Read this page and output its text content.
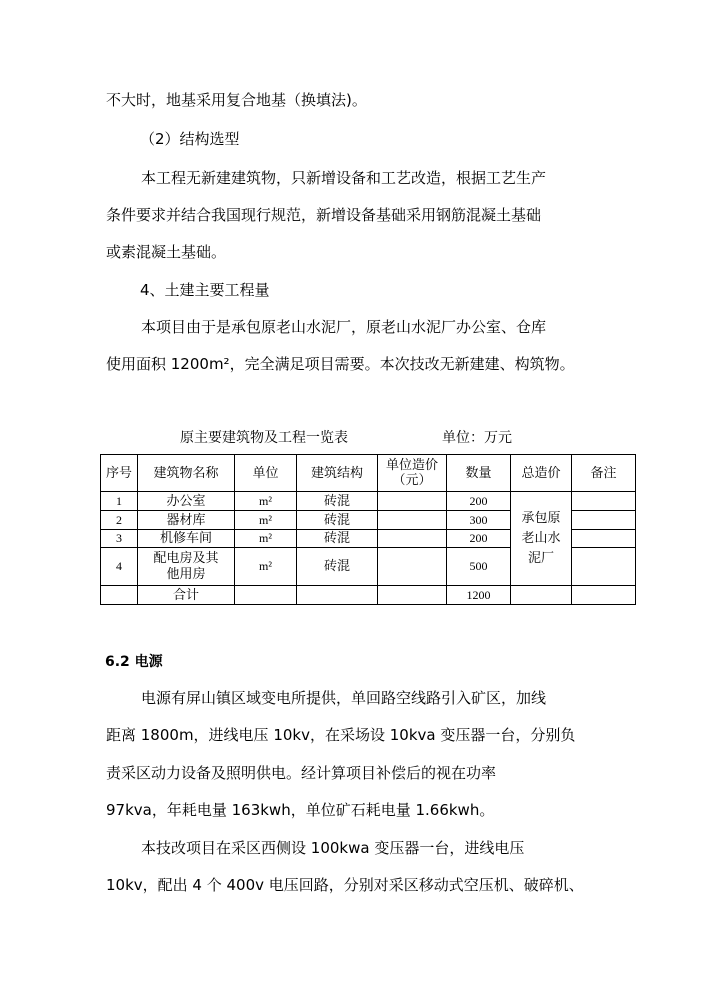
不大时，地基采用复合地基（换填法)。
（2）结构选型
本工程无新建建筑物，只新增设备和工艺改造，根据工艺生产
条件要求并结合我国现行规范，新增设备基础采用钢筋混凝土基础
或素混凝土基础。
4、土建主要工程量
本项目由于是承包原老山水泥厂，原老山水泥厂办公室、仓库
使用面积 1200m²，完全满足项目需要。本次技改无新建建、构筑物。
原主要建筑物及工程一览表	单位：万元
序号	建筑物名称	单位	建筑结构	单位造价（元）	数量	总造价	备注
1	办公室	m²	砖混		200	承包原老山水泥厂	

2	器材库	m²	砖混		300		
3	机修车间	m²	砖混		200		
4	配电房及其他用房	m²	砖混		500		
	合计				1200		
6.2 电源
电源有屏山镇区域变电所提供，单回路空线路引入矿区，加线
距离 1800m，进线电压 10kv，在采场设 10kva 变压器一台，分别负
责采区动力设备及照明供电。经计算项目补偿后的视在功率
97kva，年耗电量 163kwh，单位矿石耗电量 1.66kwh。
本技改项目在采区西侧设 100kwa 变压器一台，进线电压
10kv，配出 4 个 400v 电压回路，分别对采区移动式空压机、破碎机、
